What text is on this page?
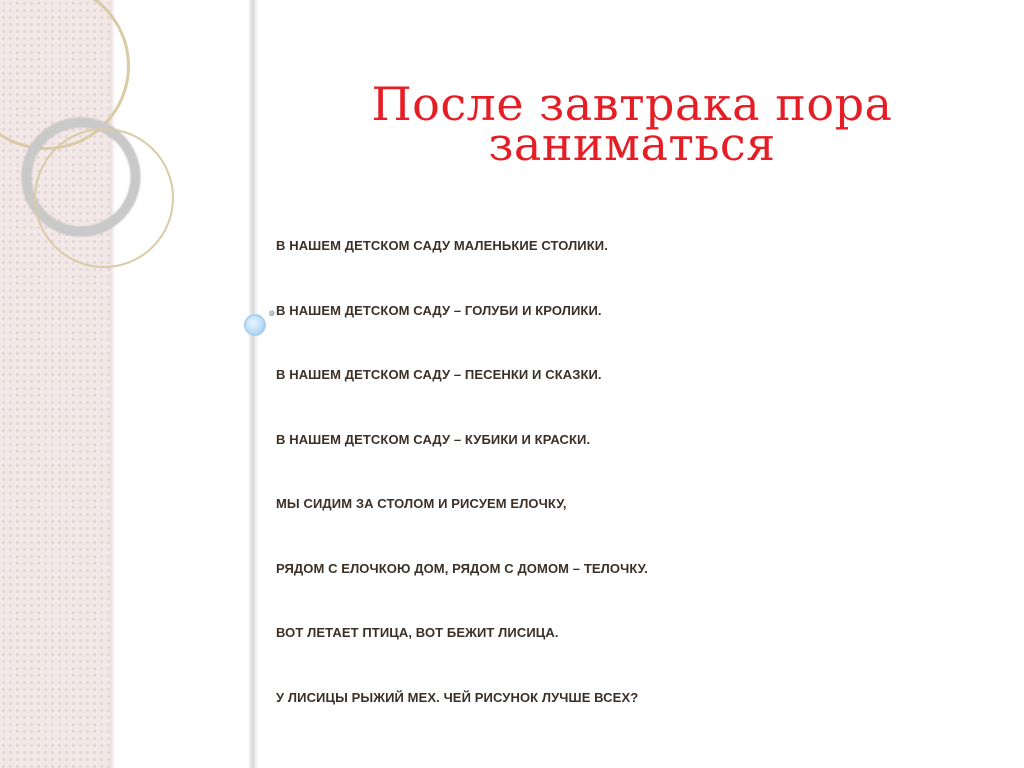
После завтрака пора
заниматься
๑
В НАШЕМ ДЕТСКОМ САДУ МАЛЕНЬКИЕ СТОЛИКИ.
В НАШЕМ ДЕТСКОМ САДУ – ГОЛУБИ И КРОЛИКИ.
В НАШЕМ ДЕТСКОМ САДУ – ПЕСЕНКИ И СКАЗКИ.
В НАШЕМ ДЕТСКОМ САДУ – КУБИКИ И КРАСКИ.
МЫ СИДИМ ЗА СТОЛОМ И РИСУЕМ ЕЛОЧКУ,
РЯДОМ С ЕЛОЧКОЮ ДОМ, РЯДОМ С ДОМОМ – ТЕЛОЧКУ.
ВОТ ЛЕТАЕТ ПТИЦА, ВОТ БЕЖИТ ЛИСИЦА.
У ЛИСИЦЫ РЫЖИЙ МЕХ. ЧЕЙ РИСУНОК ЛУЧШЕ ВСЕХ?
